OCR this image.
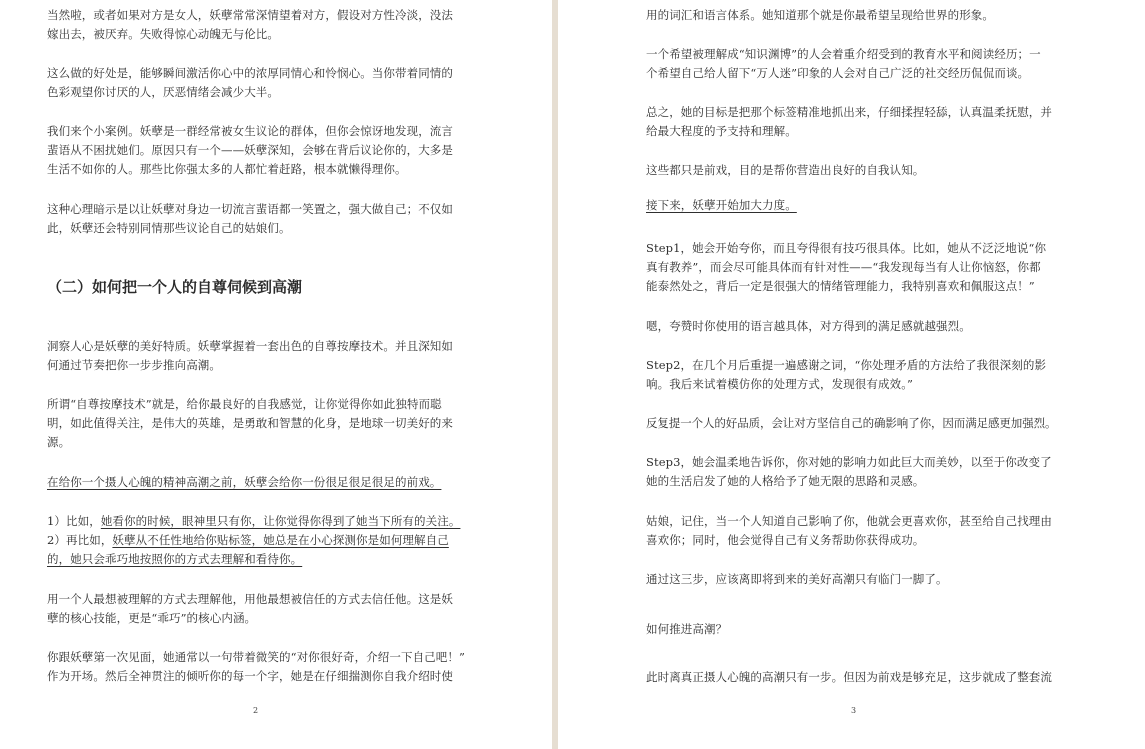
当然啦，或者如果对方是女人，妖孽常常深情望着对方，假设对方性冷淡，没法
嫁出去，被厌弃。失败得惊心动魄无与伦比。

这么做的好处是，能够瞬间激活你心中的浓厚同情心和怜悯心。当你带着同情的
色彩观望你讨厌的人，厌恶情绪会减少大半。

我们来个小案例。妖孽是一群经常被女生议论的群体，但你会惊讶地发现，流言
蜚语从不困扰她们。原因只有一个——妖孽深知，会够在背后议论你的，大多是
生活不如你的人。那些比你强太多的人都忙着赶路，根本就懒得理你。

这种心理暗示是以让妖孽对身边一切流言蜚语都一笑置之，强大做自己；不仅如
此，妖孽还会特别同情那些议论自己的姑娘们。

（二）如何把一个人的自尊伺候到高潮

洞察人心是妖孽的美好特质。妖孽掌握着一套出色的自尊按摩技术。并且深知如
何通过节奏把你一步步推向高潮。

所谓“自尊按摩技术”就是，给你最良好的自我感觉，让你觉得你如此独特而聪
明，如此值得关注，是伟大的英雄，是勇敢和智慧的化身，是地球一切美好的来
源。

在给你一个摄人心魄的精神高潮之前，妖孽会给你一份很足很足很足的前戏。

1）比如，她看你的时候，眼神里只有你，让你觉得你得到了她当下所有的关注。
2）再比如，妖孽从不任性地给你贴标签，她总是在小心探测你是如何理解自己
的，她只会乖巧地按照你的方式去理解和看待你。

用一个人最想被理解的方式去理解他，用他最想被信任的方式去信任他。这是妖
孽的核心技能，更是“乖巧”的核心内涵。

你跟妖孽第一次见面，她通常以一句带着微笑的“对你很好奇，介绍一下自己吧！”
作为开场。然后全神贯注的倾听你的每一个字，她是在仔细揣测你自我介绍时使

2

用的词汇和语言体系。她知道那个就是你最希望呈现给世界的形象。

一个希望被理解成“知识渊博”的人会着重介绍受到的教育水平和阅读经历；一
个希望自己给人留下“万人迷”印象的人会对自己广泛的社交经历侃侃而谈。

总之，她的目标是把那个标签精准地抓出来，仔细揉捏轻舔，认真温柔抚慰，并
给最大程度的予支持和理解。

这些都只是前戏，目的是帮你营造出良好的自我认知。

接下来，妖孽开始加大力度。

Step1，她会开始夸你，而且夸得很有技巧很具体。比如，她从不泛泛地说“你
真有教养”，而会尽可能具体而有针对性——“我发现每当有人让你恼怒，你都
能泰然处之，背后一定是很强大的情绪管理能力，我特别喜欢和佩服这点！”

嗯，夸赞时你使用的语言越具体，对方得到的满足感就越强烈。

Step2，在几个月后重提一遍感谢之词，“你处理矛盾的方法给了我很深刻的影
响。我后来试着模仿你的处理方式，发现很有成效。”

反复提一个人的好品质，会让对方坚信自己的确影响了你，因而满足感更加强烈。

Step3，她会温柔地告诉你，你对她的影响力如此巨大而美妙，以至于你改变了
她的生活启发了她的人格给予了她无限的思路和灵感。

姑娘，记住，当一个人知道自己影响了你，他就会更喜欢你，甚至给自己找理由
喜欢你；同时，他会觉得自己有义务帮助你获得成功。

通过这三步，应该离即将到来的美好高潮只有临门一脚了。

如何推进高潮？

此时离真正摄人心魄的高潮只有一步。但因为前戏是够充足，这步就成了整套流

3
